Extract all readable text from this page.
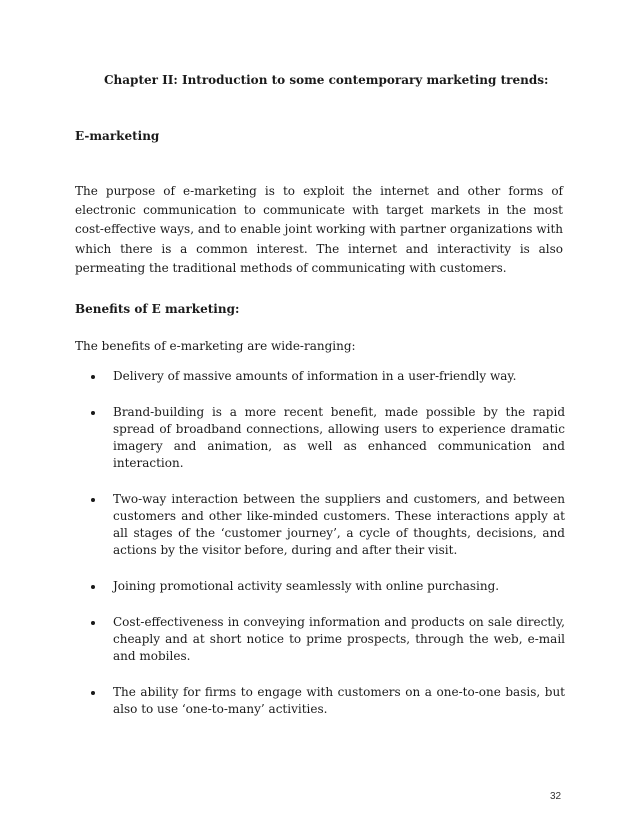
Chapter II: Introduction to some contemporary marketing trends:
E-marketing

The purpose of e-marketing is to exploit the internet and other forms of electronic communication to communicate with target markets in the most cost-effective ways, and to enable joint working with partner organizations with which there is a common interest. The internet and interactivity is also permeating the traditional methods of communicating with customers.

Benefits of E marketing:

The benefits of e-marketing are wide-ranging:

Delivery of massive amounts of information in a user-friendly way.
Brand-building is a more recent benefit, made possible by the rapid spread of broadband connections, allowing users to experience dramatic imagery and animation, as well as enhanced communication and interaction.
Two-way interaction between the suppliers and customers, and between customers and other like-minded customers. These interactions apply at all stages of the ‘customer journey’, a cycle of thoughts, decisions, and actions by the visitor before, during and after their visit.
Joining promotional activity seamlessly with online purchasing.
Cost-effectiveness in conveying information and products on sale directly, cheaply and at short notice to prime prospects, through the web, e-mail and mobiles.
The ability for firms to engage with customers on a one-to-one basis, but also to use ‘one-to-many’ activities.
32
